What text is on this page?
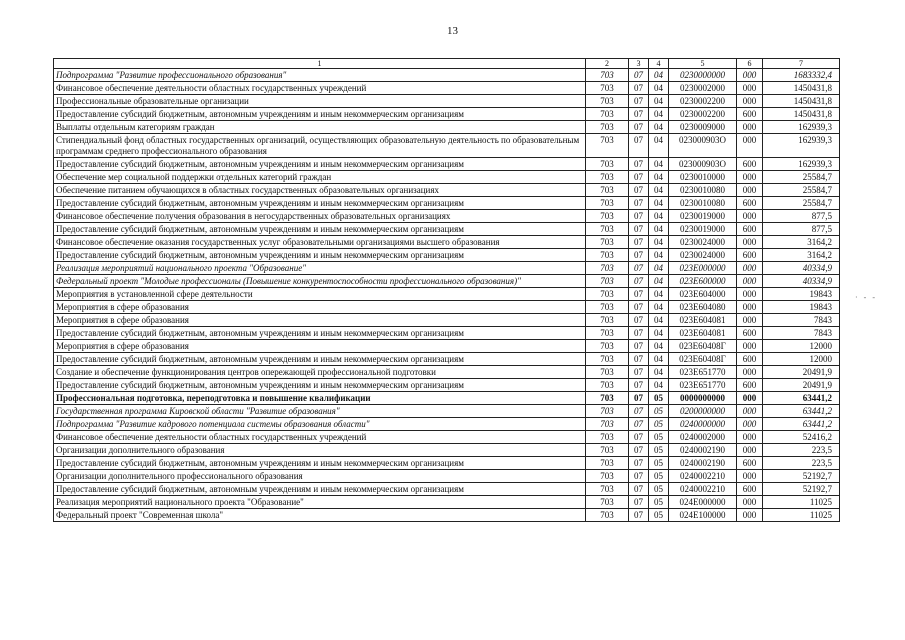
13
1	2	3	4	5	6	7
Подпрограмма "Развитие профессионального образования"	703	07	04	0230000000	000	1683332,4
Финансовое обеспечение деятельности областных государственных учреждений	703	07	04	0230002000	000	1450431,8
Профессиональные образовательные организации	703	07	04	0230002200	000	1450431,8
Предоставление субсидий бюджетным, автономным учреждениям и иным некоммерческим организациям	703	07	04	0230002200	600	1450431,8
Выплаты отдельным категориям граждан	703	07	04	0230009000	000	162939,3
Стипендиальный фонд областных государственных организаций, осуществляющих образовательную деятельность по образовательным программам среднего профессионального образования	703	07	04	023000903О	000	162939,3
Предоставление субсидий бюджетным, автономным учреждениям и иным некоммерческим организациям	703	07	04	023000903О	600	162939,3
Обеспечение мер социальной поддержки отдельных категорий граждан	703	07	04	0230010000	000	25584,7
Обеспечение питанием обучающихся в областных государственных образовательных организациях	703	07	04	0230010080	000	25584,7
Предоставление субсидий бюджетным, автономным учреждениям и иным некоммерческим организациям	703	07	04	0230010080	600	25584,7
Финансовое обеспечение получения образования в негосударственных образовательных организациях	703	07	04	0230019000	000	877,5
Предоставление субсидий бюджетным, автономным учреждениям и иным некоммерческим организациям	703	07	04	0230019000	600	877,5
Финансовое обеспечение оказания государственных услуг образовательными организациями высшего образования	703	07	04	0230024000	000	3164,2
Предоставление субсидий бюджетным, автономным учреждениям и иным некоммерческим организациям	703	07	04	0230024000	600	3164,2
Реализация мероприятий национального проекта "Образование"	703	07	04	023Е000000	000	40334,9
Федеральный проект "Молодые профессионалы (Повышение конкурентоспособности профессионального образования)"	703	07	04	023Е600000	000	40334,9
Мероприятия в установленной сфере деятельности	703	07	04	023Е604000	000	19843
Мероприятия в сфере образования	703	07	04	023Е604080	000	19843
Мероприятия в сфере образования	703	07	04	023Е604081	000	7843
Предоставление субсидий бюджетным, автономным учреждениям и иным некоммерческим организациям	703	07	04	023Е604081	600	7843
Мероприятия в сфере образования	703	07	04	023Е60408Г	000	12000
Предоставление субсидий бюджетным, автономным учреждениям и иным некоммерческим организациям	703	07	04	023Е60408Г	600	12000
Создание и обеспечение функционирования центров опережающей профессиональной подготовки	703	07	04	023Е651770	000	20491,9
Предоставление субсидий бюджетным, автономным учреждениям и иным некоммерческим организациям	703	07	04	023Е651770	600	20491,9
Профессиональная подготовка, переподготовка и повышение квалификации	703	07	05	0000000000	000	63441,2
Государственная программа Кировской области "Развитие образования"	703	07	05	0200000000	000	63441,2
Подпрограмма "Развитие кадрового потенциала системы образования области"	703	07	05	0240000000	000	63441,2
Финансовое обеспечение деятельности областных государственных учреждений	703	07	05	0240002000	000	52416,2
Организации дополнительного образования	703	07	05	0240002190	000	223,5
Предоставление субсидий бюджетным, автономным учреждениям и иным некоммерческим организациям	703	07	05	0240002190	600	223,5
Организации дополнительного профессионального образования	703	07	05	0240002210	000	52192,7
Предоставление субсидий бюджетным, автономным учреждениям и иным некоммерческим организациям	703	07	05	0240002210	600	52192,7
Реализация мероприятий национального проекта "Образование"	703	07	05	024Е000000	000	11025
Федеральный проект "Современная школа"	703	07	05	024Е100000	000	11025
· - -
